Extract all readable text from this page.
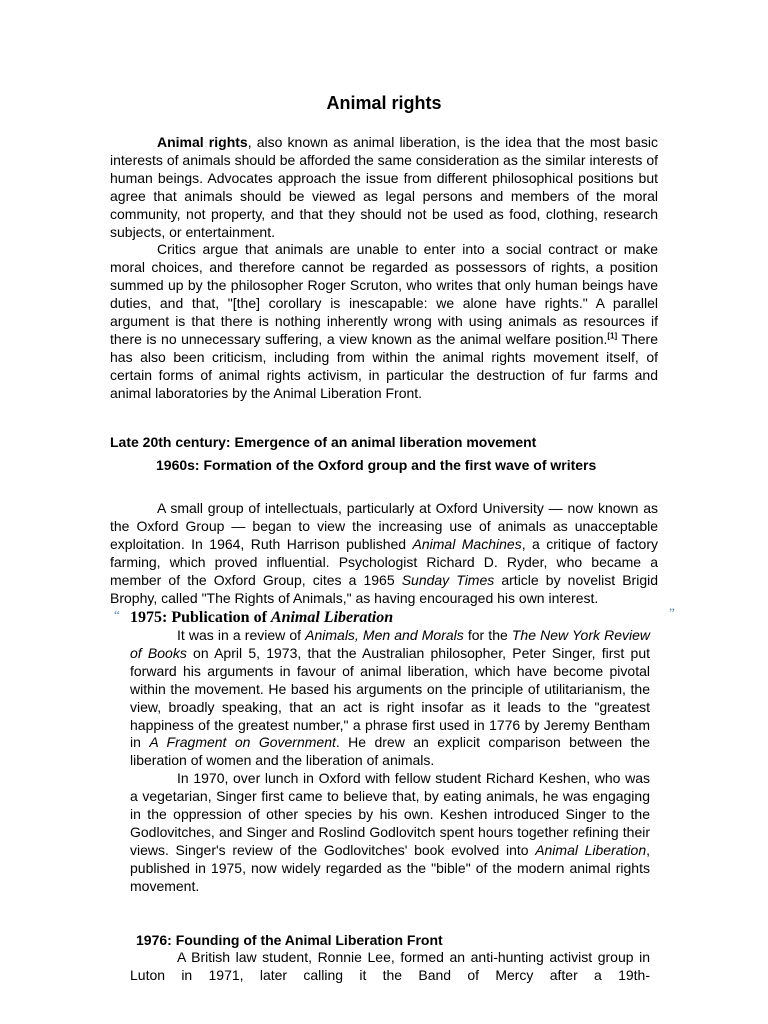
Animal rights

Animal rights, also known as animal liberation, is the idea that the most basic interests of animals should be afforded the same consideration as the similar interests of human beings. Advocates approach the issue from different philosophical positions but agree that animals should be viewed as legal persons and members of the moral community, not property, and that they should not be used as food, clothing, research subjects, or entertainment.

Critics argue that animals are unable to enter into a social contract or make moral choices, and therefore cannot be regarded as possessors of rights, a position summed up by the philosopher Roger Scruton, who writes that only human beings have duties, and that, "[the] corollary is inescapable: we alone have rights." A parallel argument is that there is nothing inherently wrong with using animals as resources if there is no unnecessary suffering, a view known as the animal welfare position.[1] There has also been criticism, including from within the animal rights movement itself, of certain forms of animal rights activism, in particular the destruction of fur farms and animal laboratories by the Animal Liberation Front.

Late 20th century: Emergence of an animal liberation movement
1960s: Formation of the Oxford group and the first wave of writers

A small group of intellectuals, particularly at Oxford University — now known as the Oxford Group — began to view the increasing use of animals as unacceptable exploitation. In 1964, Ruth Harrison published Animal Machines, a critique of factory farming, which proved influential. Psychologist Richard D. Ryder, who became a member of the Oxford Group, cites a 1965 Sunday Times article by novelist Brigid Brophy, called "The Rights of Animals," as having encouraged his own interest.

“	”
1975: Publication of Animal Liberation

It was in a review of Animals, Men and Morals for the The New York Review of Books on April 5, 1973, that the Australian philosopher, Peter Singer, first put forward his arguments in favour of animal liberation, which have become pivotal within the movement. He based his arguments on the principle of utilitarianism, the view, broadly speaking, that an act is right insofar as it leads to the "greatest happiness of the greatest number," a phrase first used in 1776 by Jeremy Bentham in A Fragment on Government. He drew an explicit comparison between the liberation of women and the liberation of animals.

In 1970, over lunch in Oxford with fellow student Richard Keshen, who was a vegetarian, Singer first came to believe that, by eating animals, he was engaging in the oppression of other species by his own. Keshen introduced Singer to the Godlovitches, and Singer and Roslind Godlovitch spent hours together refining their views. Singer's review of the Godlovitches' book evolved into Animal Liberation, published in 1975, now widely regarded as the "bible" of the modern animal rights movement.

1976: Founding of the Animal Liberation Front

A British law student, Ronnie Lee, formed an anti-hunting activist group in Luton in 1971, later calling it the Band of Mercy after a 19th-
